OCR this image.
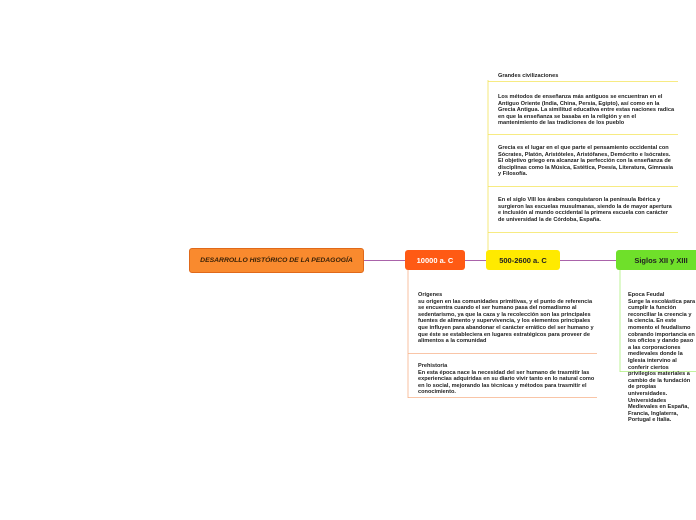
DESARROLLO HISTÓRICO DE LA PEDAGOGÍA	10000 a. C	500-2600 a. C	Siglos XII y XIII
Grandes civilizaciones
Los métodos de enseñanza más antiguos se encuentran en el Antiguo Oriente (India, China, Persia, Egipto), así como en la Grecia Antigua. La similitud educativa entre estas naciones radica en que la enseñanza se basaba en la religión y en el mantenimiento de las tradiciones de los pueblo
Grecia es el lugar en el que parte el pensamiento occidental con Sócrates, Platón, Aristóteles, Aristófanes, Demócrito e Isócrates. El objetivo griego era alcanzar la perfección con la enseñanza de disciplinas como la Música, Estética, Poesía, Literatura, Gimnasia y Filosofía.
En el siglo VIII los árabes conquistaron la península Ibérica y surgieron las escuelas musulmanas, siendo la de mayor apertura e inclusión al mundo occidental la primera escuela con carácter de universidad la de Córdoba, España.
Orígenes
su origen en las comunidades primitivas, y el punto de referencia se encuentra cuando el ser humano pasa del nomadismo al sedentarismo, ya que la caza y la recolección son las principales fuentes de alimento y supervivencia, y los elementos principales que influyen para abandonar el carácter errático del ser humano y que éste se estableciera en lugares estratégicos para proveer de alimentos a la comunidad
Prehistoria
En esta época nace la necesidad del ser humano de trasmitir las experiencias adquiridas en su diario vivir tanto en lo natural como en lo social, mejorando las técnicas y métodos para trasmitir el conocimiento.
Época Feudal
Surge la escolástica para cumplir la función reconciliar la creencia y la ciencia. En este momento el feudalismo cobrando importancia en los oficios y dando paso a las corporaciones medievales donde la Iglesia intervino al conferir ciertos privilegios materiales a cambio de la fundación de propias universidades. Universidades Medievales en España, Francia, Inglaterra, Portugal e Italia.
